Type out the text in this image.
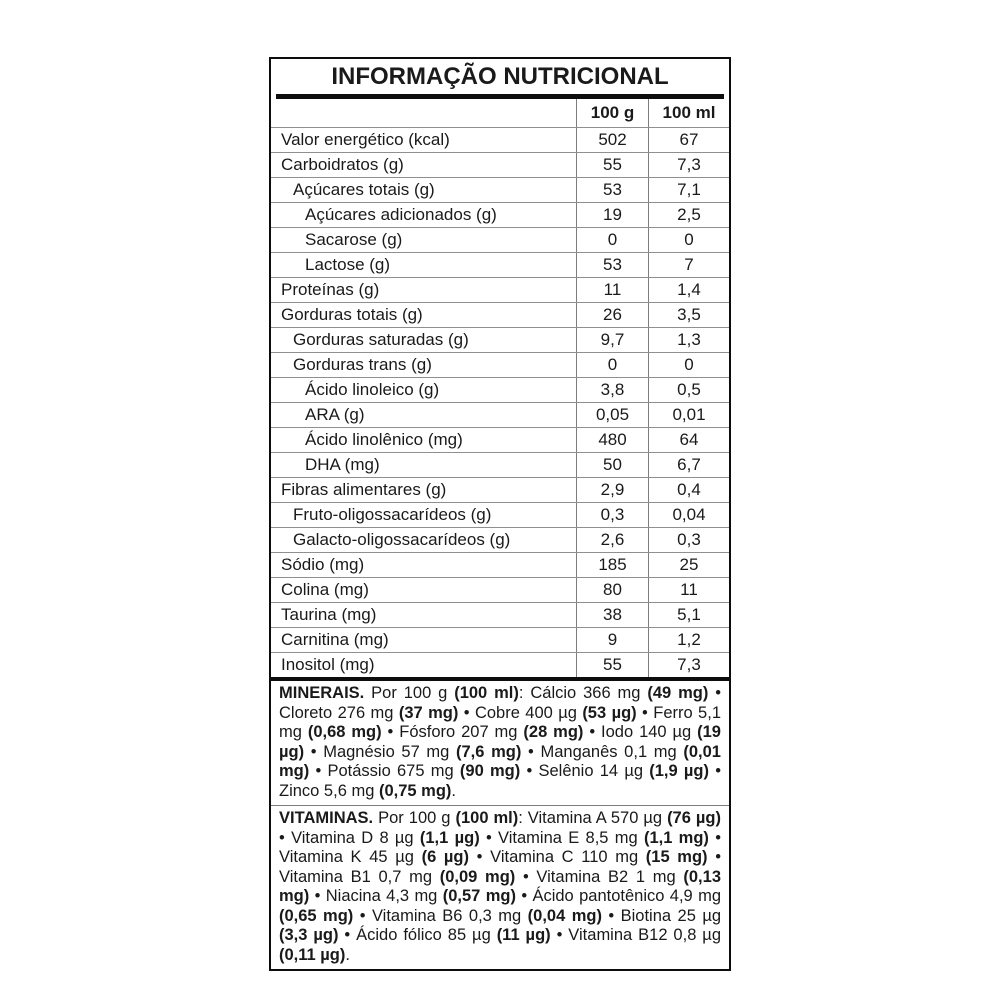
INFORMAÇÃO NUTRICIONAL
100 g	100 ml
Valor energético (kcal)	502	67
Carboidratos (g)	55	7,3
Açúcares totais (g)	53	7,1
Açúcares adicionados (g)	19	2,5
Sacarose (g)	0	0
Lactose (g)	53	7
Proteínas (g)	11	1,4
Gorduras totais (g)	26	3,5
Gorduras saturadas (g)	9,7	1,3
Gorduras trans (g)	0	0
Ácido linoleico (g)	3,8	0,5
ARA (g)	0,05	0,01
Ácido linolênico (mg)	480	64
DHA (mg)	50	6,7
Fibras alimentares (g)	2,9	0,4
Fruto-oligossacarídeos (g)	0,3	0,04
Galacto-oligossacarídeos (g)	2,6	0,3
Sódio (mg)	185	25
Colina (mg)	80	11
Taurina (mg)	38	5,1
Carnitina (mg)	9	1,2
Inositol (mg)	55	7,3

MINERAIS. Por 100 g (100 ml): Cálcio 366 mg (49 mg) • Cloreto 276 mg (37 mg) • Cobre 400 µg (53 µg) • Ferro 5,1 mg (0,68 mg) • Fósforo 207 mg (28 mg) • Iodo 140 µg (19 µg) • Magnésio 57 mg (7,6 mg) • Manganês 0,1 mg (0,01 mg) • Potássio 675 mg (90 mg) • Selênio 14 µg (1,9 µg) • Zinco 5,6 mg (0,75 mg).

VITAMINAS. Por 100 g (100 ml): Vitamina A 570 µg (76 µg) • Vitamina D 8 µg (1,1 µg) • Vitamina E 8,5 mg (1,1 mg) • Vitamina K 45 µg (6 µg) • Vitamina C 110 mg (15 mg) • Vitamina B1 0,7 mg (0,09 mg) • Vitamina B2 1 mg (0,13 mg) • Niacina 4,3 mg (0,57 mg) • Ácido pantotênico 4,9 mg (0,65 mg) • Vitamina B6 0,3 mg (0,04 mg) • Biotina 25 µg (3,3 µg) • Ácido fólico 85 µg (11 µg) • Vitamina B12 0,8 µg (0,11 µg).
